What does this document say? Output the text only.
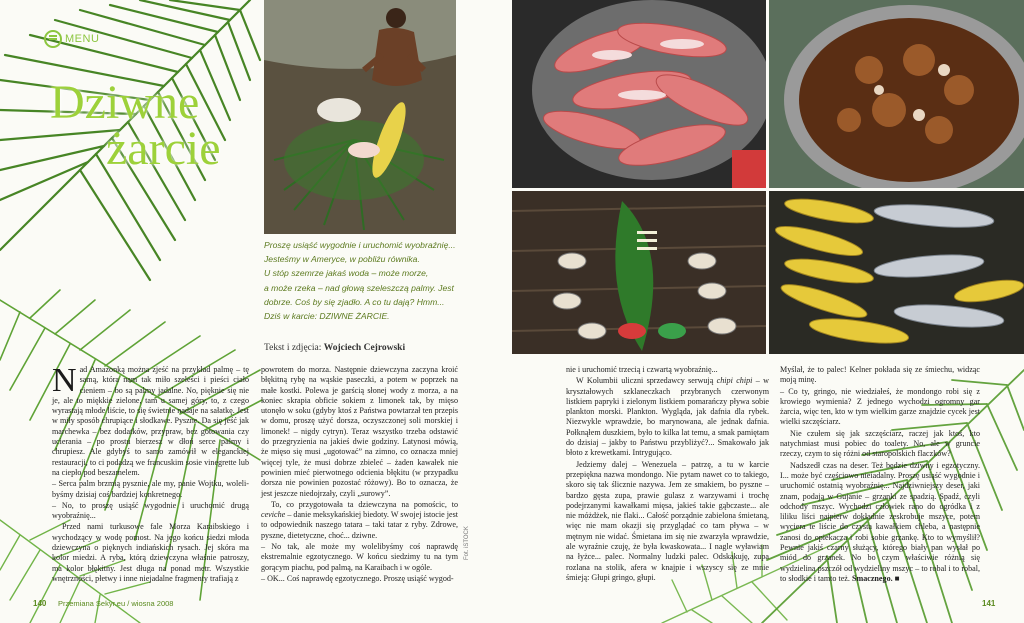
MENU
Dziwne
żarcie

Proszę usiąść wygodnie i uruchomić wyobraźnię...

Jesteśmy w Ameryce, w pobliżu równika.

U stóp szemrze jakaś woda – może morze,

a może rzeka – nad głową szeleszczą palmy. Jest

dobrze. Coś by się zjadło. A co tu dają? Hmm...

Dziś w karcie: DZIWNE ŻARCIE.

Tekst i zdjęcia: Wojciech Cejrowski

Nad Amazonką można zjeść na przykład palmę – tę samą, która nam tak miło szeleści i pieści ciało cieniem – bo są palmy jadalne. No, pięknie się nie je, ale to miękkie zielone, tam u samej góry, to, z czego wyrastają młode liście, to się świetnie nadaje na sałatkę. Jest w miły sposób chrupiące i słodkawe. Pyszne. Da się jeść jak marchewka – bez dodatków, przypraw, bez gotowania czy ucierania – po prostu bierzesz w dłoń serce palmy i chrupiesz. Ale gdybyś to samo zamówił w eleganckiej restauracji, to ci podadzą we francuskim sosie vinegrette lub na ciepło pod beszamelem.

– Serca palm brzmią pysznie, ale my, panie Wojtku, wolelibyśmy dzisiaj coś bardziej konkretnego.

– No, to proszę usiąść wygodnie i uruchomić drugą wyobraźnię...

Przed nami turkusowe fale Morza Karaibskiego i wychodzący w wodę pomost. Na jego końcu siedzi młoda dziewczyna o pięknych indiańskich rysach. Jej skóra ma kolor miedzi. A ryba, którą dziewczyna właśnie patroszy, ma kolor błękitny. Jest długa na ponad metr. Wszystkie wnętrzności, płetwy i inne niejadalne fragmenty trafiają z

powrotem do morza. Następnie dziewczyna zaczyna kroić błękitną rybę na wąskie paseczki, a potem w poprzek na małe kostki. Polewa je garścią słonej wody z morza, a na koniec skrapia obficie sokiem z limonek tak, by mięso utonęło w soku (gdyby ktoś z Państwa powtarzał ten przepis w domu, proszę użyć dorsza, oczyszczonej soli morskiej i limonek! – nigdy cytryn). Teraz wszystko trzeba odstawić do przegryzienia na jakieś dwie godziny. Latynosi mówią, że mięso się musi „ugotować” na zimno, co oznacza mniej więcej tyle, że musi dobrze zbieleć – żaden kawałek nie powinien mieć pierwotnego odcienia błękitu (w przypadku dorsza nie powinien pozostać różowy). Bo to oznacza, że jest jeszcze niedojrzały, czyli „surowy”.

To, co przygotowała ta dziewczyna na pomościc, to ceviche – danie meksykańskiej biedoty. W swojej istocie jest to odpowiednik naszego tatara – taki tatar z ryby. Zdrowe, pyszne, dietetyczne, choć... dziwne.

– No tak, ale może my wolelibyśmy coś naprawdę ekstremalnie egzotycznego. W końcu siedzimy tu na tym gorącym piachu, pod palmą, na Karaibach i w ogóle.

– OK... Coś naprawdę egzotycznego. Proszę usiąść wygod-

Fot. iSTOCK
140 Przemiana Sekyr.eu / wiosna 2008

nie i uruchomić trzecią i czwartą wyobraźnię...

W Kolumbii uliczni sprzedawcy serwują chipi chipi – w kryształowych szklaneczkach przybranych czerwonym listkiem papryki i zielonym listkiem pomarańczy pływa sobie plankton morski. Plankton. Wygląda, jak dafnia dla rybek. Niezwykle wprawdzie, bo marynowana, ale jednak dafnia. Połknąłem duszkiem, było to kilka lat temu, a smak pamiętam do dzisiaj – jakby to Państwu przybliżyć?... Smakowało jak błoto z krewetkami. Intrygująco.

Jedziemy dalej – Wenezuela – patrzę, a tu w karcie przepiękna nazwa mondongo. Nie pytam nawet co to takiego, skoro się tak ślicznie nazywa. Jem ze smakiem, bo pyszne – bardzo gęsta zupa, prawie gulasz z warzywami i trochę podejrzanymi kawałkami mięsa, jakieś takie gąbczaste... ale nie móżdżek, nie flaki... Całość porządnie zabielona śmietaną, więc nie mam okazji się przyglądać co tam pływa – w mętnym nie widać. Śmietana im się nie zwarzyła wprawdzie, ale wyraźnie czuję, że była kwaskowata... I nagle wyławiam na łyżce... palec. Normalny ludzki palec. Odskakuję, zupa rozlana na stolik, afera w knajpie i wszyscy się ze mnie śmieją: Głupi gringo, głupi.

Myślał, że to palec! Kelner pokłada się ze śmiechu, widząc moją minę.

– Co ty, gringo, nie wiedziałeś, że mondongo robi się z krowiego wymienia? Z jednego wychodzi ogromny gar żarcia, więc ten, kto w tym wielkim garze znajdzie cycek jest wielki szczęściarz.

Nie czułem się jak szczęściarz, raczej jak ktoś, kto natychmiast musi pobiec do toalety. No, ale w gruncie rzeczy, czym to się różni od staropolskich flaczków?

Nadszedł czas na deser. Też będzie dziwny i egzotyczny. I... może być częściowo nieiadalny. Proszę usiąść wygodnie i uruchomić ostatnią wyobraźnię... Najdziwniejszy deser, jaki znam, podają w Gujanie – grzanki ze spadzią. Spadź, czyli odchody mszyc. Wychodzi człowiek rano do ogródka i z liliku liści najpierw dokładnie zeskrobuje mszyce, potem wyciera te liście do czysta kawałkiem chleba, a następnie zanosi do opiekacza i robi sobie grzankę. Kto to wymyślił? Pewnie jakiś czarny służący, którego biały pan wysłał po miód do grzanek. No bo czym właściwie różnią się wydzielina pszczół od wydzieliny mszyc – to robal i to robal, to słodkie i tamto też. Smacznego. ■

141
